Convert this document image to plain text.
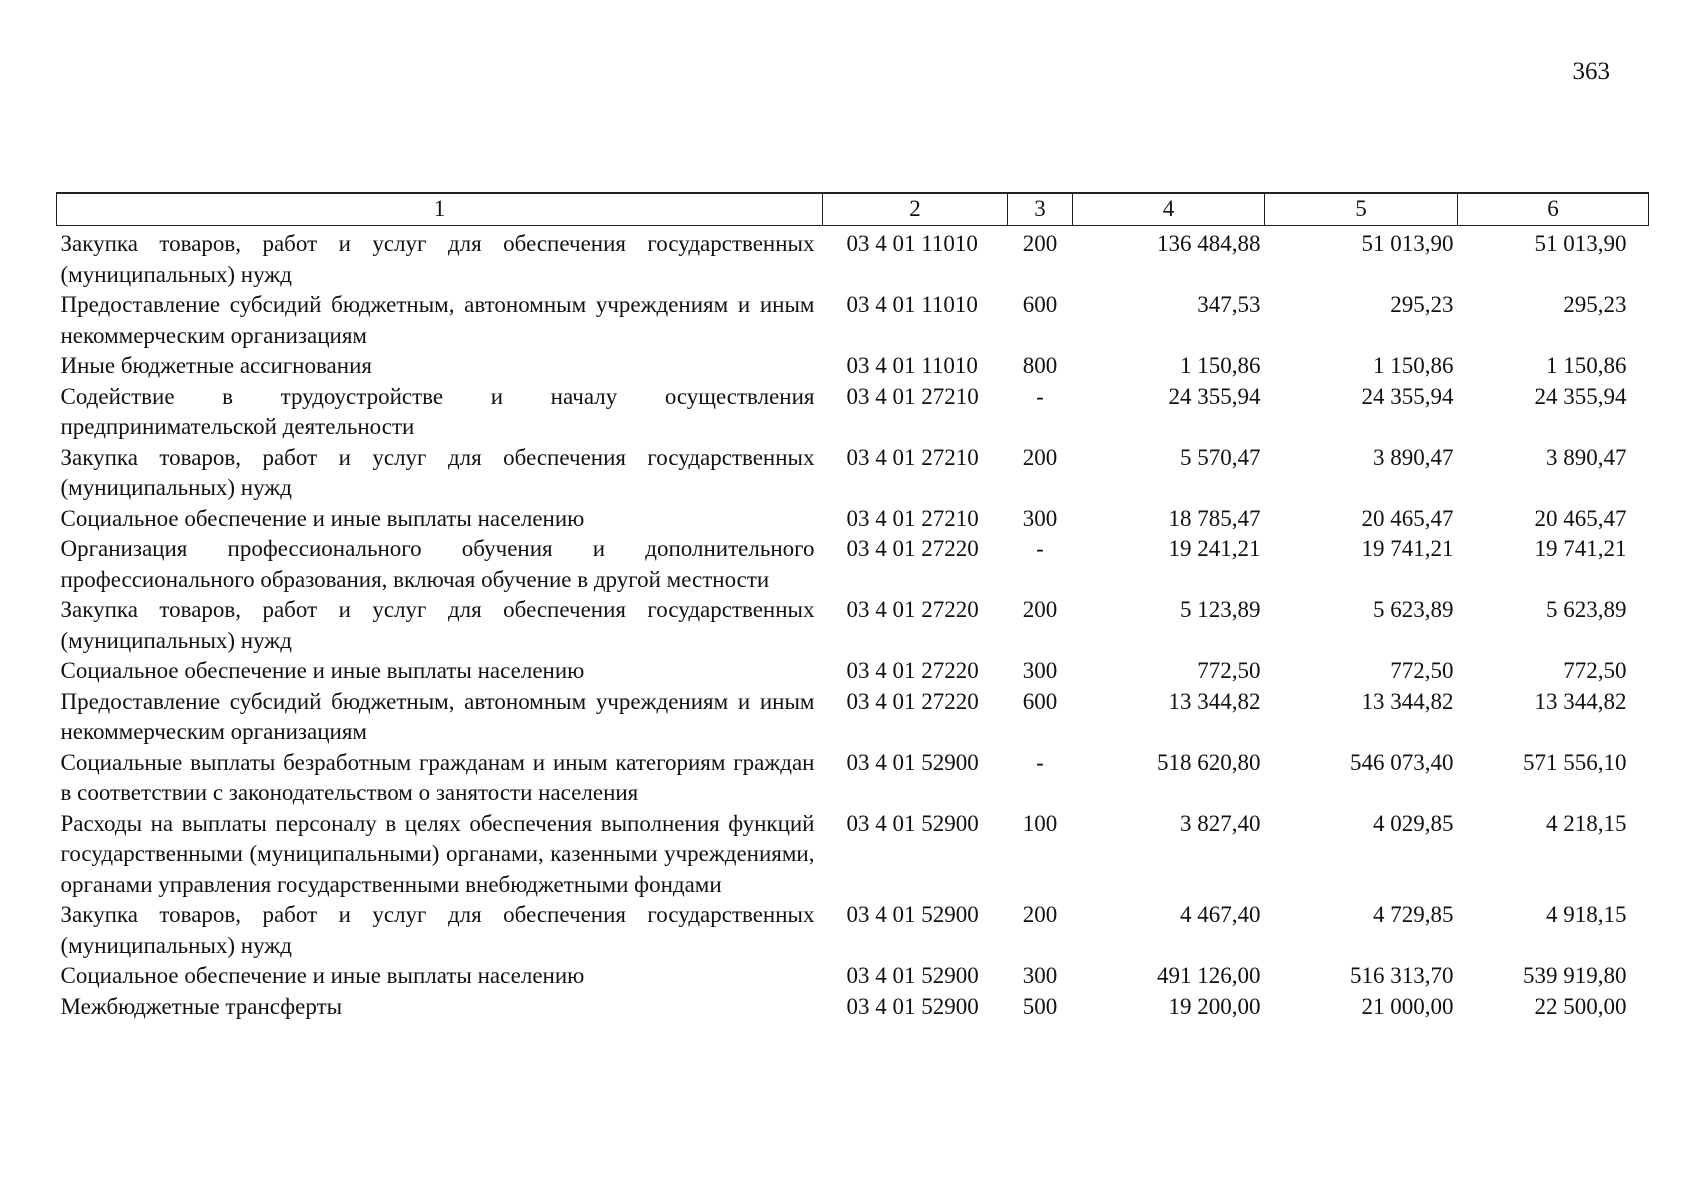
363
1	2	3	4	5	6
Закупка товаров, работ и услуг для обеспечения государственных (муниципальных) нужд	03 4 01 11010	200	136 484,88	51 013,90	51 013,90
Предоставление субсидий бюджетным, автономным учреждениям и иным некоммерческим организациям	03 4 01 11010	600	347,53	295,23	295,23
Иные бюджетные ассигнования	03 4 01 11010	800	1 150,86	1 150,86	1 150,86
Содействие в трудоустройстве и началу осуществления предпринимательской деятельности	03 4 01 27210	-	24 355,94	24 355,94	24 355,94
Закупка товаров, работ и услуг для обеспечения государственных (муниципальных) нужд	03 4 01 27210	200	5 570,47	3 890,47	3 890,47
Социальное обеспечение и иные выплаты населению	03 4 01 27210	300	18 785,47	20 465,47	20 465,47
Организация профессионального обучения и дополнительного профессионального образования, включая обучение в другой местности	03 4 01 27220	-	19 241,21	19 741,21	19 741,21
Закупка товаров, работ и услуг для обеспечения государственных (муниципальных) нужд	03 4 01 27220	200	5 123,89	5 623,89	5 623,89
Социальное обеспечение и иные выплаты населению	03 4 01 27220	300	772,50	772,50	772,50
Предоставление субсидий бюджетным, автономным учреждениям и иным некоммерческим организациям	03 4 01 27220	600	13 344,82	13 344,82	13 344,82
Социальные выплаты безработным гражданам и иным категориям граждан в соответствии с законодательством о занятости населения	03 4 01 52900	-	518 620,80	546 073,40	571 556,10
Расходы на выплаты персоналу в целях обеспечения выполнения функций государственными (муниципальными) органами, казенными учреждениями, органами управления государственными внебюджетными фондами	03 4 01 52900	100	3 827,40	4 029,85	4 218,15
Закупка товаров, работ и услуг для обеспечения государственных (муниципальных) нужд	03 4 01 52900	200	4 467,40	4 729,85	4 918,15
Социальное обеспечение и иные выплаты населению	03 4 01 52900	300	491 126,00	516 313,70	539 919,80
Межбюджетные трансферты	03 4 01 52900	500	19 200,00	21 000,00	22 500,00
